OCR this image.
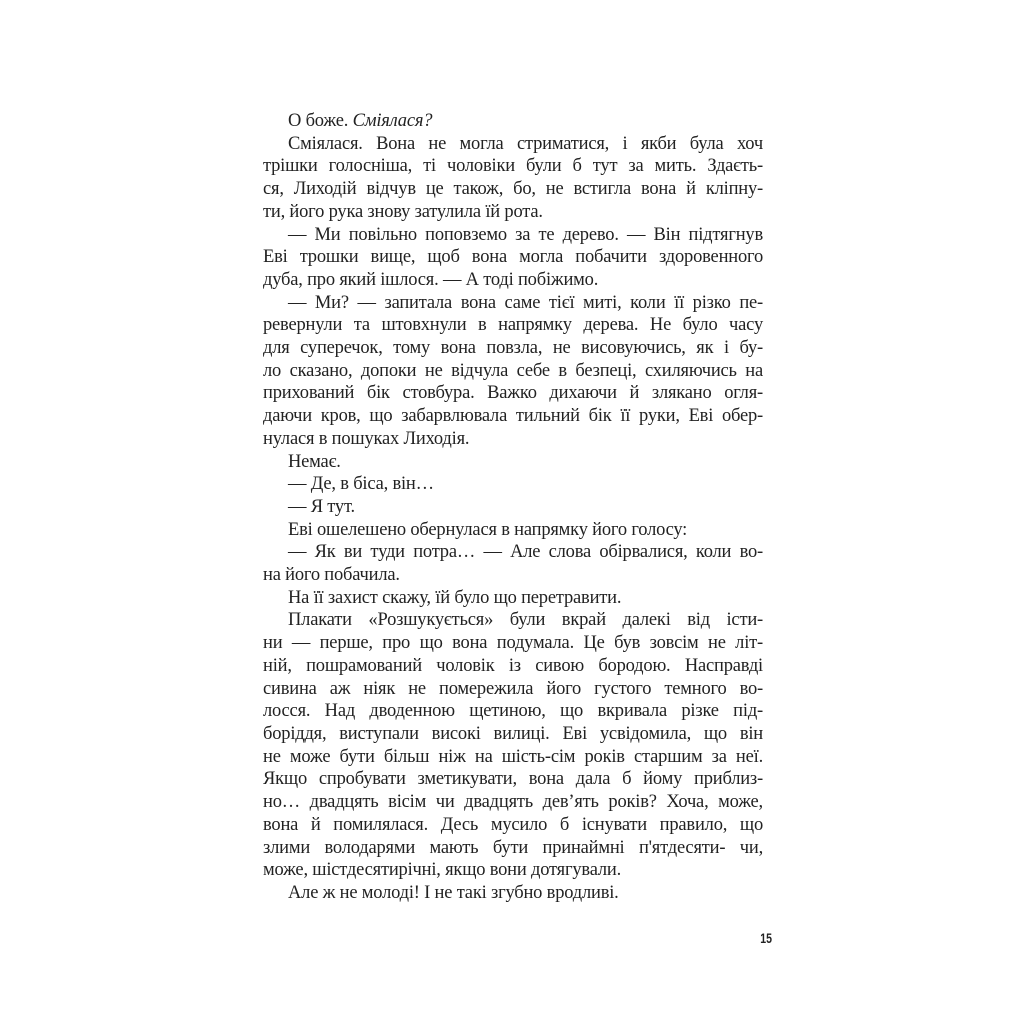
О боже. Сміялася?
Сміялася. Вона не могла стриматися, і якби була хоч
трішки голосніша, ті чоловіки були б тут за мить. Здаєть-
ся, Лиходій відчув це також, бо, не встигла вона й кліпну-
ти, його рука знову затулила їй рота.
— Ми повільно поповземо за те дерево. — Він підтягнув
Еві трошки вище, щоб вона могла побачити здоровенного
дуба, про який ішлося. — А тоді побіжимо.
— Ми? — запитала вона саме тієї миті, коли її різко пе-
ревернули та штовхнули в напрямку дерева. Не було часу
для суперечок, тому вона повзла, не висовуючись, як і бу-
ло сказано, допоки не відчула себе в безпеці, схиляючись на
прихований бік стовбура. Важко дихаючи й злякано огля-
даючи кров, що забарвлювала тильний бік її руки, Еві обер-
нулася в пошуках Лиходія.
Немає.
— Де, в біса, він…
— Я тут.
Еві ошелешено обернулася в напрямку його голосу:
— Як ви туди потра… — Але слова обірвалися, коли во-
на його побачила.
На її захист скажу, їй було що перетравити.
Плакати «Розшукується» були вкрай далекі від істи-
ни — перше, про що вона подумала. Це був зовсім не літ-
ній, пошрамований чоловік із сивою бородою. Насправді
сивина аж ніяк не помережила його густого темного во-
лосся. Над дводенною щетиною, що вкривала різке під-
боріддя, виступали високі вилиці. Еві усвідомила, що він
не може бути більш ніж на шість-сім років старшим за неї.
Якщо спробувати зметикувати, вона дала б йому приблиз-
но… двадцять вісім чи двадцять дев’ять років? Хоча, може,
вона й помилялася. Десь мусило б існувати правило, що
злими володарями мають бути принаймні п'ятдесяти- чи,
може, шістдесятирічні, якщо вони дотягували.
Але ж не молоді! І не такі згубно вродливі.
15
